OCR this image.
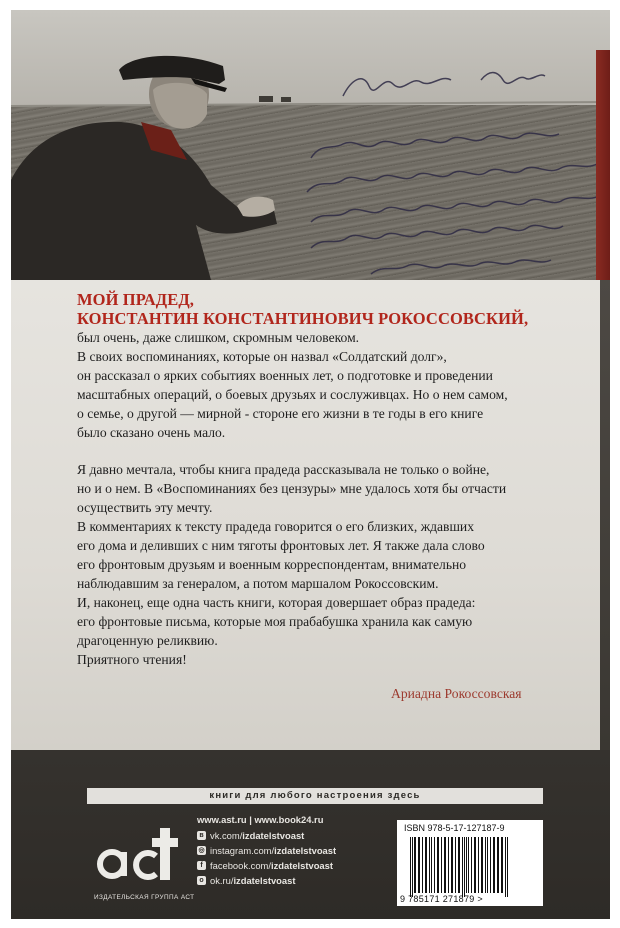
МОЙ ПРАДЕД,
КОНСТАНТИН КОНСТАНТИНОВИЧ РОКОССОВСКИЙ,
был очень, даже слишком, скромным человеком.
В своих воспоминаниях, которые он назвал «Солдатский долг»,
он рассказал о ярких событиях военных лет, о подготовке и проведении
масштабных операций, о боевых друзьях и сослуживцах. Но о нем самом,
о семье, о другой — мирной - стороне его жизни в те годы в его книге
было сказано очень мало.
Я давно мечтала, чтобы книга прадеда рассказывала не только о войне,
но и о нем. В «Воспоминаниях без цензуры» мне удалось хотя бы отчасти
осуществить эту мечту.
В комментариях к тексту прадеда говорится о его близких, ждавших
его дома и деливших с ним тяготы фронтовых лет. Я также дала слово
его фронтовым друзьям и военным корреспондентам, внимательно
наблюдавшим за генералом, а потом маршалом Рокоссовским.
И, наконец, еще одна часть книги, которая довершает образ прадеда:
его фронтовые письма, которые моя прабабушка хранила как самую
драгоценную реликвию.
Приятного чтения!
Ариадна Рокоссовская
книги для любого настроения здесь
ИЗДАТЕЛЬСКАЯ ГРУППА АСТ
www.ast.ru | www.book24.ru
в vk.com/ izdatelstvoast
◎ instagram.com/ izdatelstvoast
f facebook.com/ izdatelstvoast
о ok.ru/ izdatelstvoast
ISBN 978-5-17-127187-9
9 785171 271879 >
